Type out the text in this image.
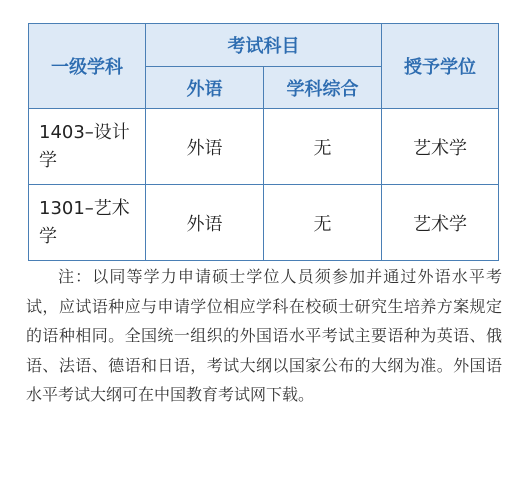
一级学科	考试科目		授予学位
	外语	学科综合	
1403–设计学	外语	无	艺术学
1301–艺术学	外语	无	艺术学

注：以同等学力申请硕士学位人员须参加并通过外语水平考试，应试语种应与申请学位相应学科在校硕士研究生培养方案规定的语种相同。全国统一组织的外国语水平考试主要语种为英语、俄语、法语、德语和日语，考试大纲以国家公布的大纲为准。外国语水平考试大纲可在中国教育考试网下载。
